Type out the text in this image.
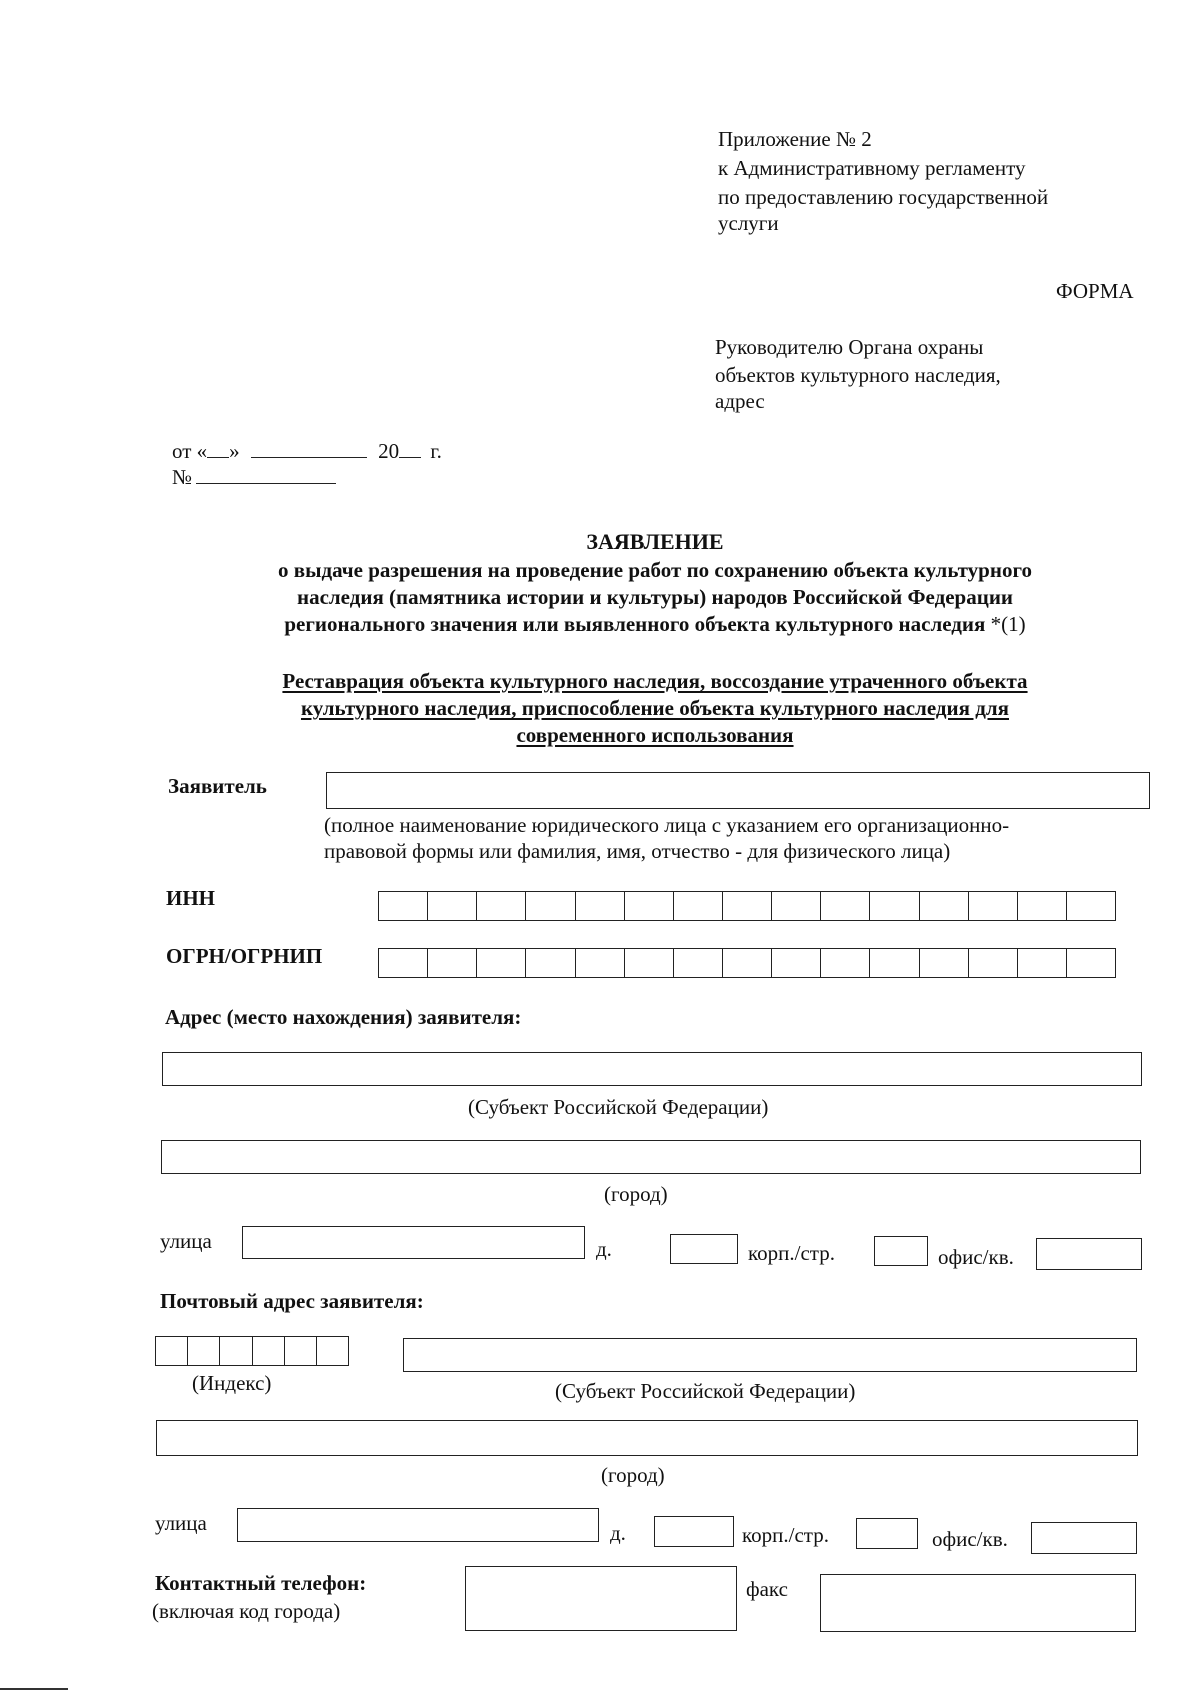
Приложение № 2
к Административному регламенту
по предоставлению государственной
услуги
ФОРМА
Руководителю Органа охраны
объектов культурного наследия,
адрес
от « »	20 г.
№
ЗАЯВЛЕНИЕ
о выдаче разрешения на проведение работ по сохранению объекта культурного
наследия (памятника истории и культуры) народов Российской Федерации
регионального значения или выявленного объекта культурного наследия *(1)
Реставрация объекта культурного наследия, воссоздание утраченного объекта
культурного наследия, приспособление объекта культурного наследия для
современного использования
Заявитель
(полное наименование юридического лица с указанием его организационно-
правовой формы или фамилия, имя, отчество - для физического лица)
ИНН
ОГРН/ОГРНИП
Адрес (место нахождения) заявителя:
(Субъект Российской Федерации)
(город)
улица	д.	корп./стр.	офис/кв.
Почтовый адрес заявителя:
(Индекс)	(Субъект Российской Федерации)
(город)
улица	д.	корп./стр.	офис/кв.
Контактный телефон:
(включая код города)
факс
